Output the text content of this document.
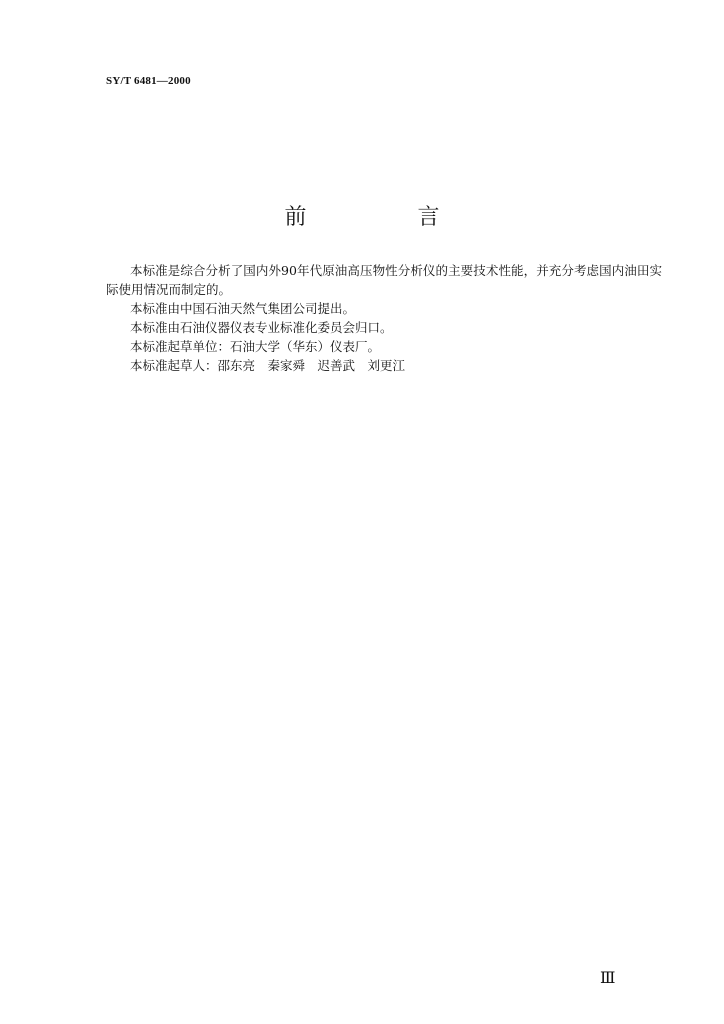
SY/T 6481—2000
前 言

本标准是综合分析了国内外90年代原油高压物性分析仪的主要技术性能，并充分考虑国内油田实际使用情况而制定的。

本标准由中国石油天然气集团公司提出。

本标准由石油仪器仪表专业标准化委员会归口。

本标准起草单位：石油大学（华东）仪表厂。

本标准起草人：邵东亮　秦家舜　迟善武　刘更江

Ⅲ
